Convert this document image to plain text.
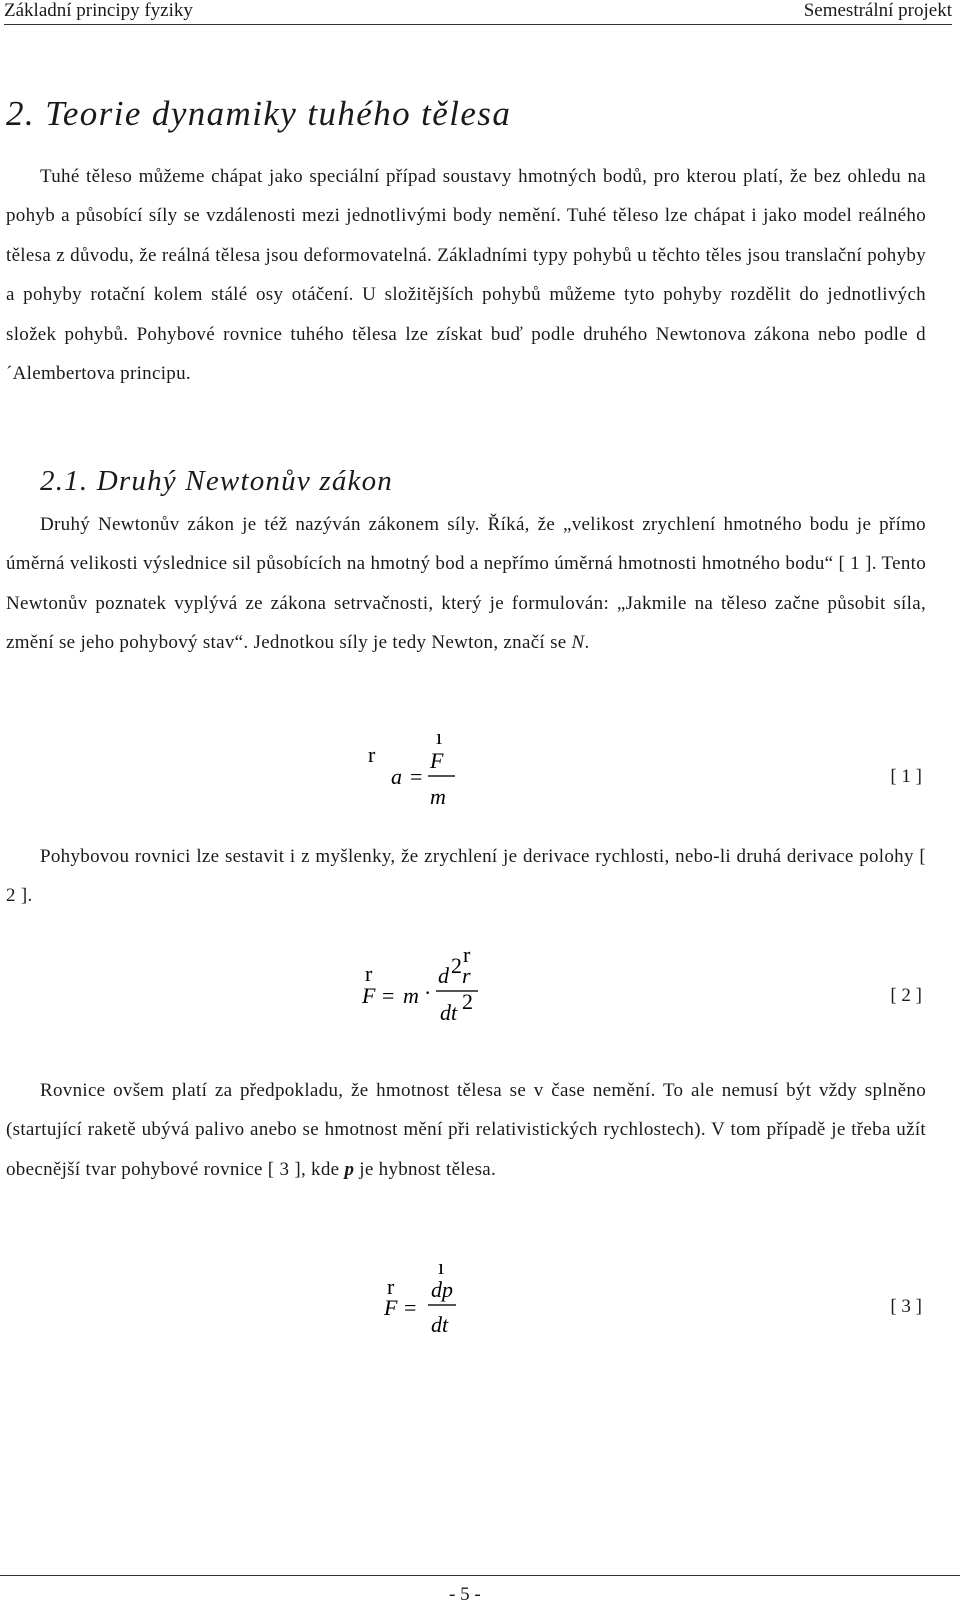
Základní principy fyziky	Semestrální projekt
2. Teorie dynamiky tuhého tělesa

Tuhé těleso můžeme chápat jako speciální případ soustavy hmotných bodů, pro kterou platí, že bez ohledu na pohyb a působící síly se vzdálenosti mezi jednotlivými body nemění. Tuhé těleso lze chápat i jako model reálného tělesa z důvodu, že reálná tělesa jsou deformovatelná. Základními typy pohybů u těchto těles jsou translační pohyby a pohyby rotační kolem stálé osy otáčení. U složitějších pohybů můžeme tyto pohyby rozdělit do jednotlivých složek pohybů. Pohybové rovnice tuhého tělesa lze získat buď podle druhého Newtonova zákona nebo podle d´Alembertova principu.

2.1. Druhý Newtonův zákon

Druhý Newtonův zákon je též nazýván zákonem síly. Říká, že „velikost zrychlení hmotného bodu je přímo úměrná velikosti výslednice sil působících na hmotný bod a nepřímo úměrná hmotnosti hmotného bodu“ [ 1 ]. Tento Newtonův poznatek vyplývá ze zákona setrvačnosti, který je formulován: „Jakmile na těleso začne působit síla, změní se jeho pohybový stav“. Jednotkou síly je tedy Newton, značí se N.

r
a =
ı
F
m
[ 1 ]

Pohybovou rovnici lze sestavit i z myšlenky, že zrychlení je derivace rychlosti, nebo-li druhá derivace polohy [ 2 ].

r
F = m ·
d 2 r
r
dt 2	[ 2 ]

Rovnice ovšem platí za předpokladu, že hmotnost tělesa se v čase nemění. To ale nemusí být vždy splněno (startující raketě ubývá palivo anebo se hmotnost mění při relativistických rychlostech). V tom případě je třeba užít obecnější tvar pohybové rovnice [ 3 ], kde p je hybnost tělesa.

r
F =
ı
dp
dt
[ 3 ]
- 5 -
